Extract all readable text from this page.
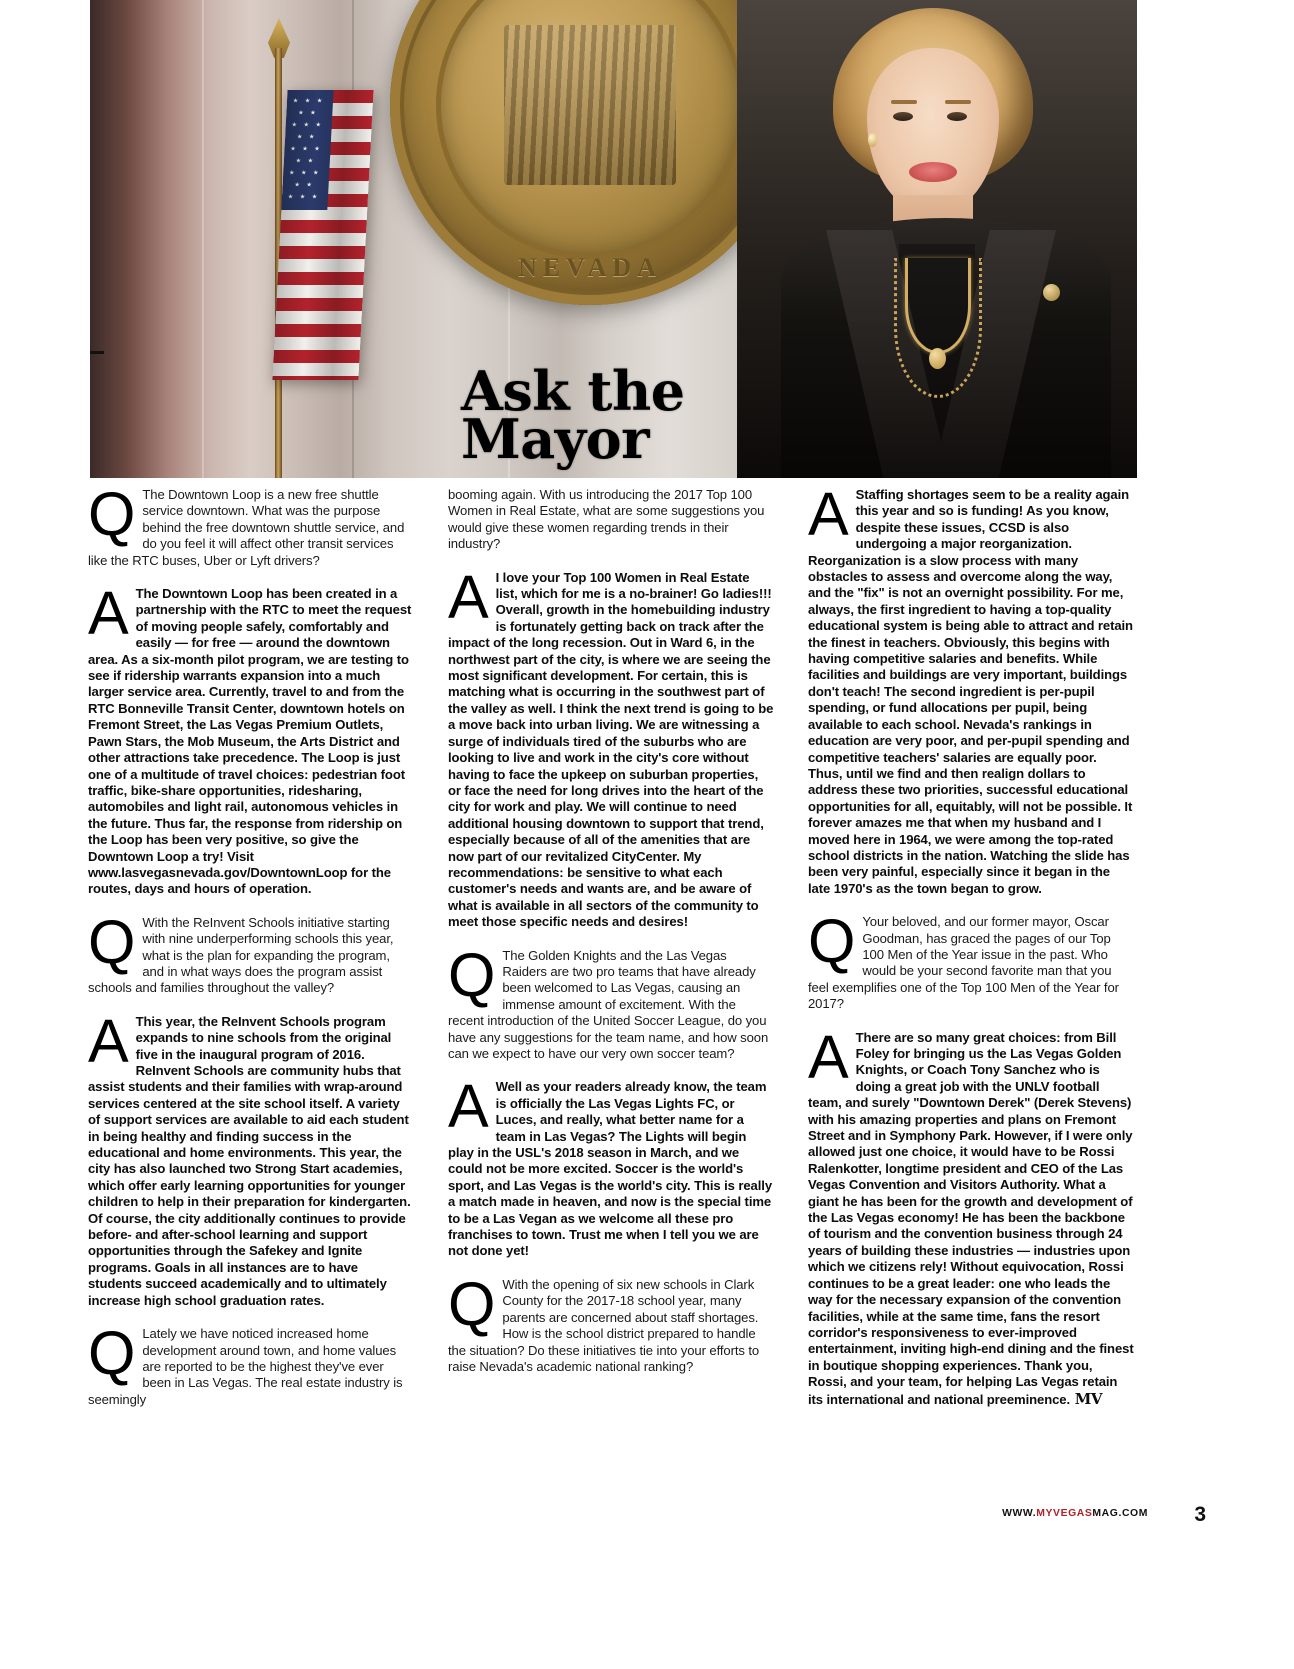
NEVADA
Ask the
Mayor

Q The Downtown Loop is a new free shuttle service downtown. What was the purpose behind the free downtown shuttle service, and do you feel it will affect other transit services like the RTC buses, Uber or Lyft drivers?

A The Downtown Loop has been created in a partnership with the RTC to meet the request of moving people safely, comfortably and easily — for free — around the downtown area. As a six-month pilot program, we are testing to see if ridership warrants expansion into a much larger service area. Currently, travel to and from the RTC Bonneville Transit Center, downtown hotels on Fremont Street, the Las Vegas Premium Outlets, Pawn Stars, the Mob Museum, the Arts District and other attractions take precedence. The Loop is just one of a multitude of travel choices: pedestrian foot traffic, bike-share opportunities, ridesharing, automobiles and light rail, autonomous vehicles in the future. Thus far, the response from ridership on the Loop has been very positive, so give the Downtown Loop a try! Visit www.lasvegasnevada.gov/DowntownLoop for the routes, days and hours of operation.

Q With the ReInvent Schools initiative starting with nine underperforming schools this year, what is the plan for expanding the program, and in what ways does the program assist schools and families throughout the valley?

A This year, the ReInvent Schools program expands to nine schools from the original five in the inaugural program of 2016. ReInvent Schools are community hubs that assist students and their families with wrap-around services centered at the site school itself. A variety of support services are available to aid each student in being healthy and finding success in the educational and home environments. This year, the city has also launched two Strong Start academies, which offer early learning opportunities for younger children to help in their preparation for kindergarten. Of course, the city additionally continues to provide before- and after-school learning and support opportunities through the Safekey and Ignite programs. Goals in all instances are to have students succeed academically and to ultimately increase high school graduation rates.

Q Lately we have noticed increased home development around town, and home values are reported to be the highest they've ever been in Las Vegas. The real estate industry is seemingly

booming again. With us introducing the 2017 Top 100 Women in Real Estate, what are some suggestions you would give these women regarding trends in their industry?

A I love your Top 100 Women in Real Estate list, which for me is a no-brainer! Go ladies!!! Overall, growth in the homebuilding industry is fortunately getting back on track after the impact of the long recession. Out in Ward 6, in the northwest part of the city, is where we are seeing the most significant development. For certain, this is matching what is occurring in the southwest part of the valley as well. I think the next trend is going to be a move back into urban living. We are witnessing a surge of individuals tired of the suburbs who are looking to live and work in the city's core without having to face the upkeep on suburban properties, or face the need for long drives into the heart of the city for work and play. We will continue to need additional housing downtown to support that trend, especially because of all of the amenities that are now part of our revitalized CityCenter. My recommendations: be sensitive to what each customer's needs and wants are, and be aware of what is available in all sectors of the community to meet those specific needs and desires!

Q The Golden Knights and the Las Vegas Raiders are two pro teams that have already been welcomed to Las Vegas, causing an immense amount of excitement. With the recent introduction of the United Soccer League, do you have any suggestions for the team name, and how soon can we expect to have our very own soccer team?

A Well as your readers already know, the team is officially the Las Vegas Lights FC, or Luces, and really, what better name for a team in Las Vegas? The Lights will begin play in the USL's 2018 season in March, and we could not be more excited. Soccer is the world's sport, and Las Vegas is the world's city. This is really a match made in heaven, and now is the special time to be a Las Vegan as we welcome all these pro franchises to town. Trust me when I tell you we are not done yet!

Q With the opening of six new schools in Clark County for the 2017-18 school year, many parents are concerned about staff shortages. How is the school district prepared to handle the situation? Do these initiatives tie into your efforts to raise Nevada's academic national ranking?

A Staffing shortages seem to be a reality again this year and so is funding! As you know, despite these issues, CCSD is also undergoing a major reorganization. Reorganization is a slow process with many obstacles to assess and overcome along the way, and the "fix" is not an overnight possibility. For me, always, the first ingredient to having a top-quality educational system is being able to attract and retain the finest in teachers. Obviously, this begins with having competitive salaries and benefits. While facilities and buildings are very important, buildings don't teach! The second ingredient is per-pupil spending, or fund allocations per pupil, being available to each school. Nevada's rankings in education are very poor, and per-pupil spending and competitive teachers' salaries are equally poor. Thus, until we find and then realign dollars to address these two priorities, successful educational opportunities for all, equitably, will not be possible. It forever amazes me that when my husband and I moved here in 1964, we were among the top-rated school districts in the nation. Watching the slide has been very painful, especially since it began in the late 1970's as the town began to grow.

Q Your beloved, and our former mayor, Oscar Goodman, has graced the pages of our Top 100 Men of the Year issue in the past. Who would be your second favorite man that you feel exemplifies one of the Top 100 Men of the Year for 2017?

A There are so many great choices: from Bill Foley for bringing us the Las Vegas Golden Knights, or Coach Tony Sanchez who is doing a great job with the UNLV football team, and surely "Downtown Derek" (Derek Stevens) with his amazing properties and plans on Fremont Street and in Symphony Park. However, if I were only allowed just one choice, it would have to be Rossi Ralenkotter, longtime president and CEO of the Las Vegas Convention and Visitors Authority. What a giant he has been for the growth and development of the Las Vegas economy! He has been the backbone of tourism and the convention business through 24 years of building these industries — industries upon which we citizens rely! Without equivocation, Rossi continues to be a great leader: one who leads the way for the necessary expansion of the convention facilities, while at the same time, fans the resort corridor's responsiveness to ever-improved entertainment, inviting high-end dining and the finest in boutique shopping experiences. Thank you, Rossi, and your team, for helping Las Vegas retain its international and national preeminence. MV

WWW.MYVEGASMAG.COM 3
